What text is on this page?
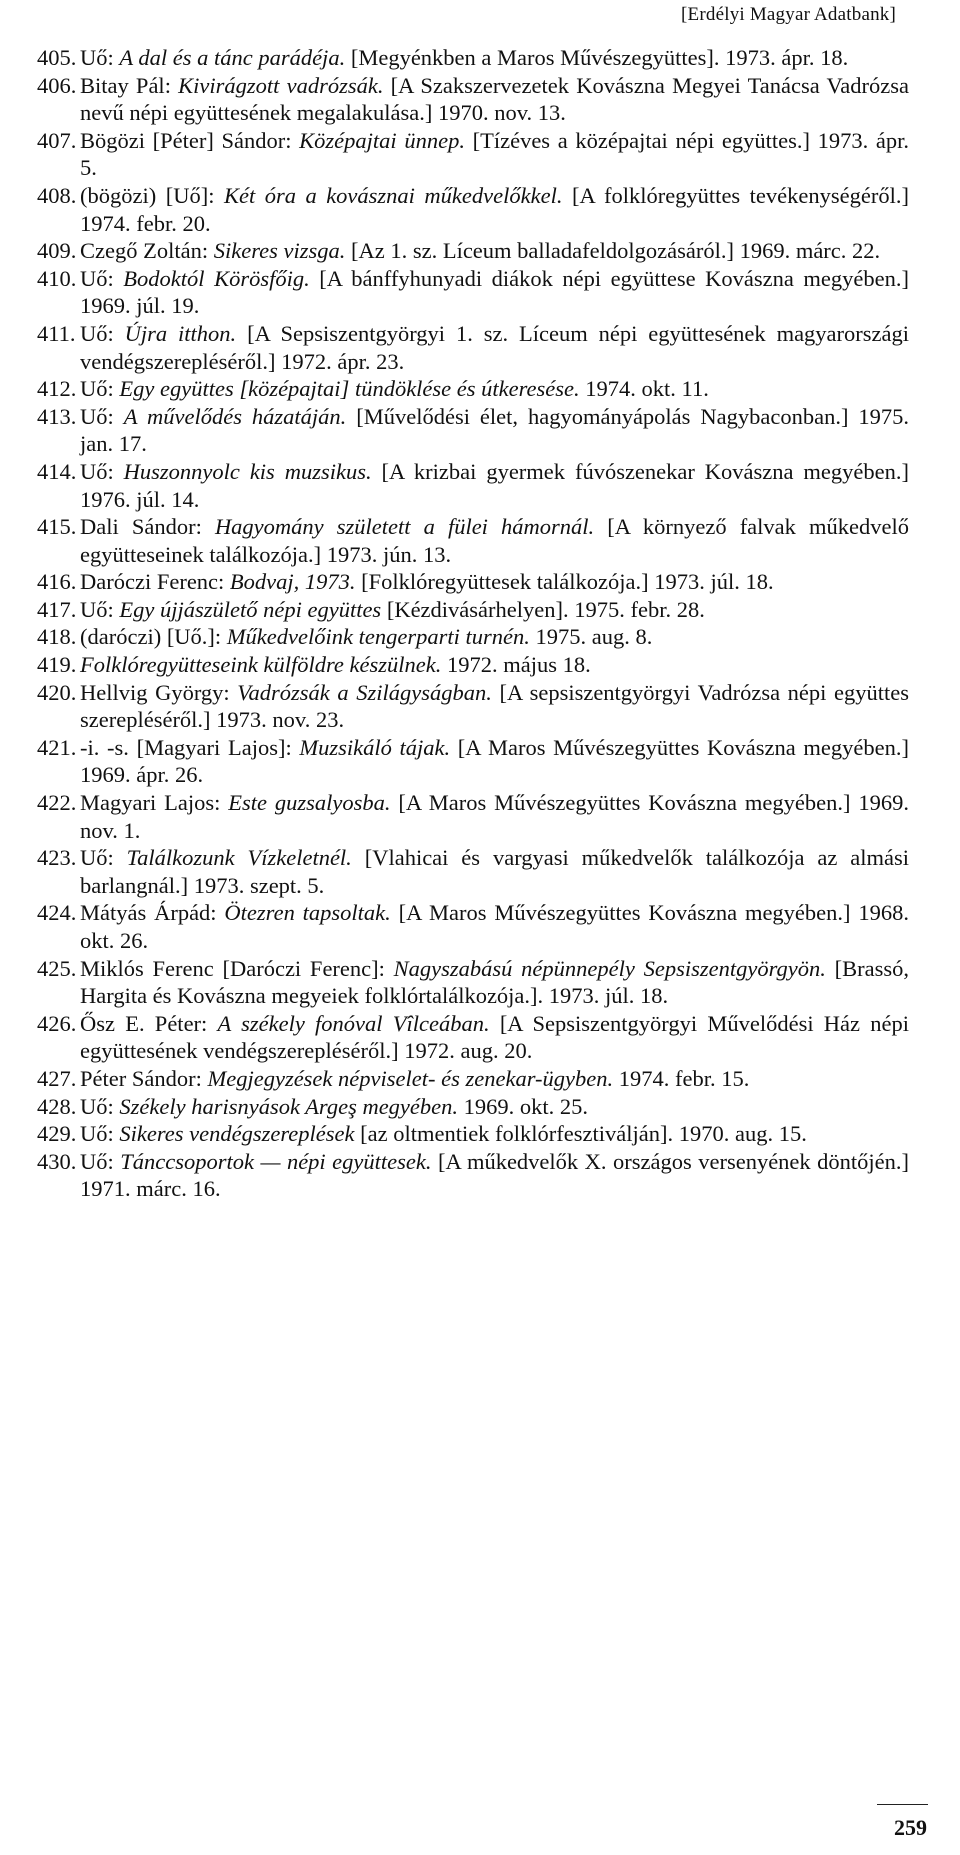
[Erdélyi Magyar Adatbank]
405. Uő: A dal és a tánc parádéja. [Megyénkben a Maros Művészegyüttes]. 1973. ápr. 18.
406. Bitay Pál: Kivirágzott vadrózsák. [A Szakszervezetek Kovászna Megyei Tanácsa Vadrózsa nevű népi együttesének megalakulása.] 1970. nov. 13.
407. Bögözi [Péter] Sándor: Középajtai ünnep. [Tízéves a középajtai népi együttes.] 1973. ápr. 5.
408. (bögözi) [Uő]: Két óra a kovásznai műkedvelőkkel. [A folklóregyüttes tevékenységéről.] 1974. febr. 20.
409. Czegő Zoltán: Sikeres vizsga. [Az 1. sz. Líceum balladafeldolgozásáról.] 1969. márc. 22.
410. Uő: Bodoktól Körösfőig. [A bánffyhunyadi diákok népi együttese Kovászna megyében.] 1969. júl. 19.
411. Uő: Újra itthon. [A Sepsiszentgyörgyi 1. sz. Líceum népi együttesének magyarországi vendégszerepléséről.] 1972. ápr. 23.
412. Uő: Egy együttes [középajtai] tündöklése és útkeresése. 1974. okt. 11.
413. Uő: A művelődés házatáján. [Művelődési élet, hagyományápolás Nagybaconban.] 1975. jan. 17.
414. Uő: Huszonnyolc kis muzsikus. [A krizbai gyermek fúvószenekar Kovászna megyében.] 1976. júl. 14.
415. Dali Sándor: Hagyomány született a fülei hámornál. [A környező falvak műkedvelő együtteseinek találkozója.] 1973. jún. 13.
416. Daróczi Ferenc: Bodvaj, 1973. [Folklóregyüttesek találkozója.] 1973. júl. 18.
417. Uő: Egy újjászülető népi együttes [Kézdivásárhelyen]. 1975. febr. 28.
418. (daróczi) [Uő.]: Műkedvelőink tengerparti turnén. 1975. aug. 8.
419. Folklóregyütteseink külföldre készülnek. 1972. május 18.
420. Hellvig György: Vadrózsák a Szilágyságban. [A sepsiszentgyörgyi Vadrózsa népi együttes szerepléséről.] 1973. nov. 23.
421. -i. -s. [Magyari Lajos]: Muzsikáló tájak. [A Maros Művészegyüttes Kovászna megyében.] 1969. ápr. 26.
422. Magyari Lajos: Este guzsalyosba. [A Maros Művészegyüttes Kovászna megyében.] 1969. nov. 1.
423. Uő: Találkozunk Vízkeletnél. [Vlahicai és vargyasi műkedvelők találkozója az almási barlangnál.] 1973. szept. 5.
424. Mátyás Árpád: Ötezren tapsoltak. [A Maros Művészegyüttes Kovászna megyében.] 1968. okt. 26.
425. Miklós Ferenc [Daróczi Ferenc]: Nagyszabású népünnepély Sepsiszentgyörgyön. [Brassó, Hargita és Kovászna megyeiek folklórtalálkozója.]. 1973. júl. 18.
426. Ősz E. Péter: A székely fonóval Vîlceában. [A Sepsiszentgyörgyi Művelődési Ház népi együttesének vendégszerepléséről.] 1972. aug. 20.
427. Péter Sándor: Megjegyzések népviselet- és zenekar-ügyben. 1974. febr. 15.
428. Uő: Székely harisnyások Argeş megyében. 1969. okt. 25.
429. Uő: Sikeres vendégszereplések [az oltmentiek folklórfesztiválján]. 1970. aug. 15.
430. Uő: Tánccsoportok — népi együttesek. [A műkedvelők X. országos versenyének döntőjén.] 1971. márc. 16.
259
